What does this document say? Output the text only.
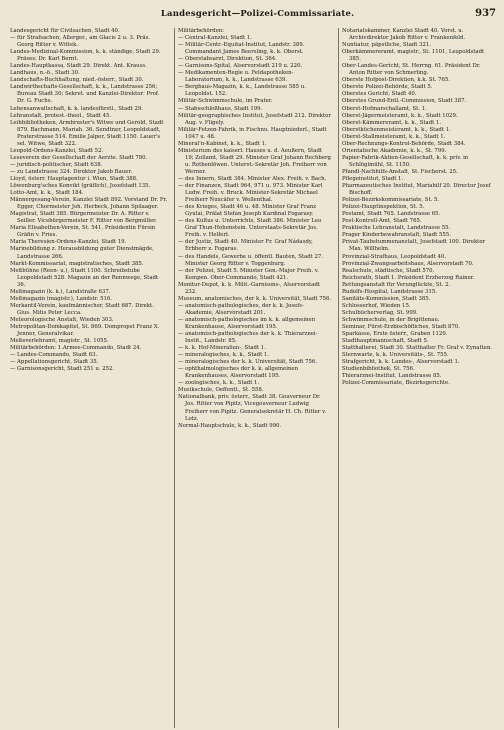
Landesgericht—Polizei-Commissariate.	937

Landesgericht für Civilsachen, Stadt 40.

— für Strafsachen, Allerger.‚ am Glacis 2 u. 3. Präs. Georg Ritter v. Wittek.

Landes-Medizinal-Kommission, k. k. ständige, Stadt 29. Präses: Dr. Karl Bernt.

Landes-Hauptkassa, Stadt 29. Direkt. Ant. Krauss.

Landhaus, n.-ö., Stadt 30.

Landschafts-Buchhaltung, nied.-österr., Stadt 30.

Landwirthschafts-Gesellschaft, k. k., Landstrasse 256; Bureau Stadt 30; Sekret. und Kanzlei-Direktor: Prof. Dr. G. Fuchs.

Lehensanwaltschaft, k. k. landesfürstl., Stadt 29.

Lehranstalt, protest.-theol., Stadt 45.

Leihbibliotheken, Armbruster's Witwe und Gerold, Stadt 879. Bachmann, Mariah. 36. Sendtner, Leopoldstadt, Praterstrasse 514. Emilie Jalper, Stadt 1150. Lauer's sel. Witwe, Stadt 322.

Leopold-Ordens-Kanzlei, Stadt 52.

Leseverein der Gesellschaft der Aerzte. Stadt 780.

— juridisch-politischer, Stadt 638.

— zu Landstrasse 324. Direktor Jakob Bauer.

Lloyd, österr. Hauptagentur i. Wien, Stadt 388.

Löwenburg'sches Konvikt (gräflich), Josefstadt 135.

Lotto-Amt, k. k., Stadt 184.

Männergesang-Verein, Kanzlei Stadt 892. Vorstand Dr. Fr. Egger, Chormeister Joh. Herbeck, Johann Spilaager.

Magistrat, Stadt 385. Bürgermeister Dr. A. Ritter v. Seiller. Vicebürgermeister F. Ritter von Bergmüller.

Maria Elisabethen-Verein, St. 541. Präsidentin Fürsin Gräfin v. Fries.

Maria Theresien-Ordens-Kanzlei, Stadt 19.

Marinebildung z. Herausbildung guter Dienstmägde, Landstrasse 266.

Markt-Kommissariat, magistratisches, Stadt 385.

Meßbühne (Reen- u.), Stadt 1100. Schreibstube Leopoldstadt 528. Magazin an der Rennwege, Stadt 36.

Meßmagazin (k. k.), Landstraße 637.

Meßmagazin (magistr.), Landstr. 516.

Merkantil-Verein, kaufmännischer, Stadt 687. Direkt. Gius. Mitis Peter Lecca.

Meteorologische Anstalt, Wieden 303.

Metropolitan-Domkapitel, St. 869. Dompropst Franz X. Jenner, Generalvikar.

Meßeverlehramt, magistr., St. 1055.

Militärbehörden: 1.Armee-Commando, Stadt 24.

— Landes-Commando, Stadt 63.

— Appellationsgericht, Stadt 35.

— Garnisonsgericht, Stadt 251 u. 252.

Militärbehörden:

— Central-Kanzlei, Stadt 1.

— Militär-Centr.-Equitat-Institut, Landstr. 389. Commandant James Beersling, k. k. Oberst.

— Oberstabsarzt, Direktion, St. 364.

— Garnisons-Spital, Alservorstadt 219 u. 220.

— Medikamenten-Regie u. Feldapotheken-Laboratorium, k. k., Landstrasse 639.

— Bergbaus-Magazin, k. k., Landstrasse 585 u. Leopoldst. 152.

Militär-Schwimmschule, im Prater.

— Stabsschloßhaus, Stadt 199.

Militär-geographisches Institut, Josefstadt 212. Direktor Aug. v. Fligely.

Militär-Fetzen-Fabrik, in Fischnu. Hauptniederl., Stadt 1047 u. 48.

Mineral'n-Kabinet, k. k., Stadt 1.

Ministerium des kaiserl. Hauses u. d. Aeußern, Stadt 19; Zollamt, Stadt 29. Minister Graf Johann Rechberg u. Rothenlöwen. Unterst.-Sekretär Joh. Freiherr von Werner.

— des Innern, Stadt 384. Minister Alex. Freih. v. Bach.

— der Finanzen, Stadt 964, 971 u. 973. Minister Karl Ludw. Freih. v. Bruck. Minister-Sekretär Michael Freiherr Nuxcäfer v. Wellenthal.

— des Krieges, Stadt 46 u. 48. Minister Graf Franz Gyulai, Prälat Stefan Joseph Kardinal Fogarasy.

— des Kultus u. Unterrichts, Stadt 386. Minister Leo Graf Thun-Hohenstein. Unterstaats-Sekretär Jos. Freih. v. Helfert.

— der Justiz, Stadt 40. Minister Fr. Graf Nádasdy, Erbherr z. Fogaras.

— des Handels, Gewerbe u. öffentl. Bauten, Stadt 27. Minister Georg Ritter v. Toggenburg.

— der Polizei, Stadt 5. Minister Gen.-Major Freih. v. Kempen. Ober-Commando, Stadt 421.

Monitur-Depot, k. k. Milit.-Garnisons-, Alservorstadt 232.

Museum, anatomisches, der k. k. Universität, Stadt 756.

— anatomisch-pathologisches, der k. k. Josefs-Akademie, Alservorstadt 201.

— anatomisch-pathologisches im k. k. allgemeinen Krankenhause, Alservorstadt 195.

— anatomisch-pathologisches der k. k. Thierarznei-Instit., Landstr. 85.

— k. k. Hof-Mineralien-, Stadt 1.

— mineralogisches, k. k., Stadt 1.

— mineralogisches der k. k. Universität, Stadt 756.

— ophthalmologisches der k. k. allgemeinen Krankenhauses, Alservorstadt 195.

— zoologisches, k. k., Stadt 1.

Musikschule, Oeffentl., St. 558.

Nationalbank, priv. österr., Stadt 38. Gouverneur Dr. Jos. Ritter von Pipitz, Vicegouverneur Ludwig Freiherr von Pipitz. Generalsekretär H. Ch. Ritter v. Lotz.

Normal-Hauptschule, k. k., Stadt 990.

Notariatskammer, Kanzlei Stadt 40. Vorst. u. Archivdirektor Jakob Ritter v. Frankenfeld.

Nuntiatur, päpstliche, Stadt 321.

Oberkämmereramt, magistr., St. 1101, Leopoldstadt 385.

Ober-Landes-Gericht, St. Herrng. 61. Präsident Dr. Anton Ritter von Schmerling.

Oberste Hofpost-Direktion, k.k. St. 765.

Oberste Polizei-Behörde, Stadt 5.

Oberstes Gericht, Stadt 40.

Oberstes Grund-Entl.-Commission, Stadt 387.

Oberst-Hofmarschallamt, St. 1.

Oberst-Jägermeisteramt, k. k., Stadt 1029.

Oberst-Kämmereramt, k. k., Stadt 1.

Oberstküchenmeisteramt, k. k., Stadt 1.

Oberst-Stallmeisteramt, k. k., Stadt 1.

Ober-Rechnungs-Kontrol-Behörde, Stadt 384.

Orientalische Akademie, k. k., St. 799.

Papier-Fabrik-Aktien-Gesellschaft, k. k. priv. in Schlöglmühl, St. 1150.

Pfandl-Nachhilfs-Anstalt, St. Fischerst. 25.

Pflegeinstitut, Stadt 1.

Pharmazeutisches Institut, Mariahilf 20. Director Josef Bischoff.

Polizei-Bezirkskommissariate, St. 5.

Polizei-Hauptinspektion, St. 5.

Postamt, Stadt 765. Landstrasse 65.

Post-Kontroll-Amt, Stadt 765.

Praktische Lehranstalt, Landstrasse 55.

Prager Kinderbewahranstalt, Stadt 555.

Privat-Taubstummenanstalt, Josefstadt 100. Direktor Max. Willhelm.

Provinzial-Strafhaus, Leopoldstadt 40.

Provinzial-Zwangsarbeitshaus, Alservorstadt 70.

Realschule, städtische, Stadt 570.

Reichsrath, Stadt 1. Präsident Erzherzog Rainer.

Rettungsanstalt für Verunglückte, St. 2.

Rudolfs-Hospital, Landstrasse 315.

Sanitäts-Kommission, Stadt 385.

Schlosserhof, Wieden 15.

Schulbücherverlag, St. 999.

Schwimmschule, in der Brigittenau.

Seminar, Fürst-Erzbischöfliches, Stadt 870.

Sparkasse, Erste österr., Graben 1120.

Stadthauptmannschaft, Stadt 5.

Statthalterei, Stadt 30. Statthalter Fr. Graf v. Eynatten.

Sternwarte, k. k. Universitäts-, St. 755.

Strafgericht, k. k. Landes-, Alservorstadt 1.

Studienbibliothek, St. 756.

Thierarznei-Institut, Landstrasse 85.

Polizei-Commissariate, Bezirksgerichte.
